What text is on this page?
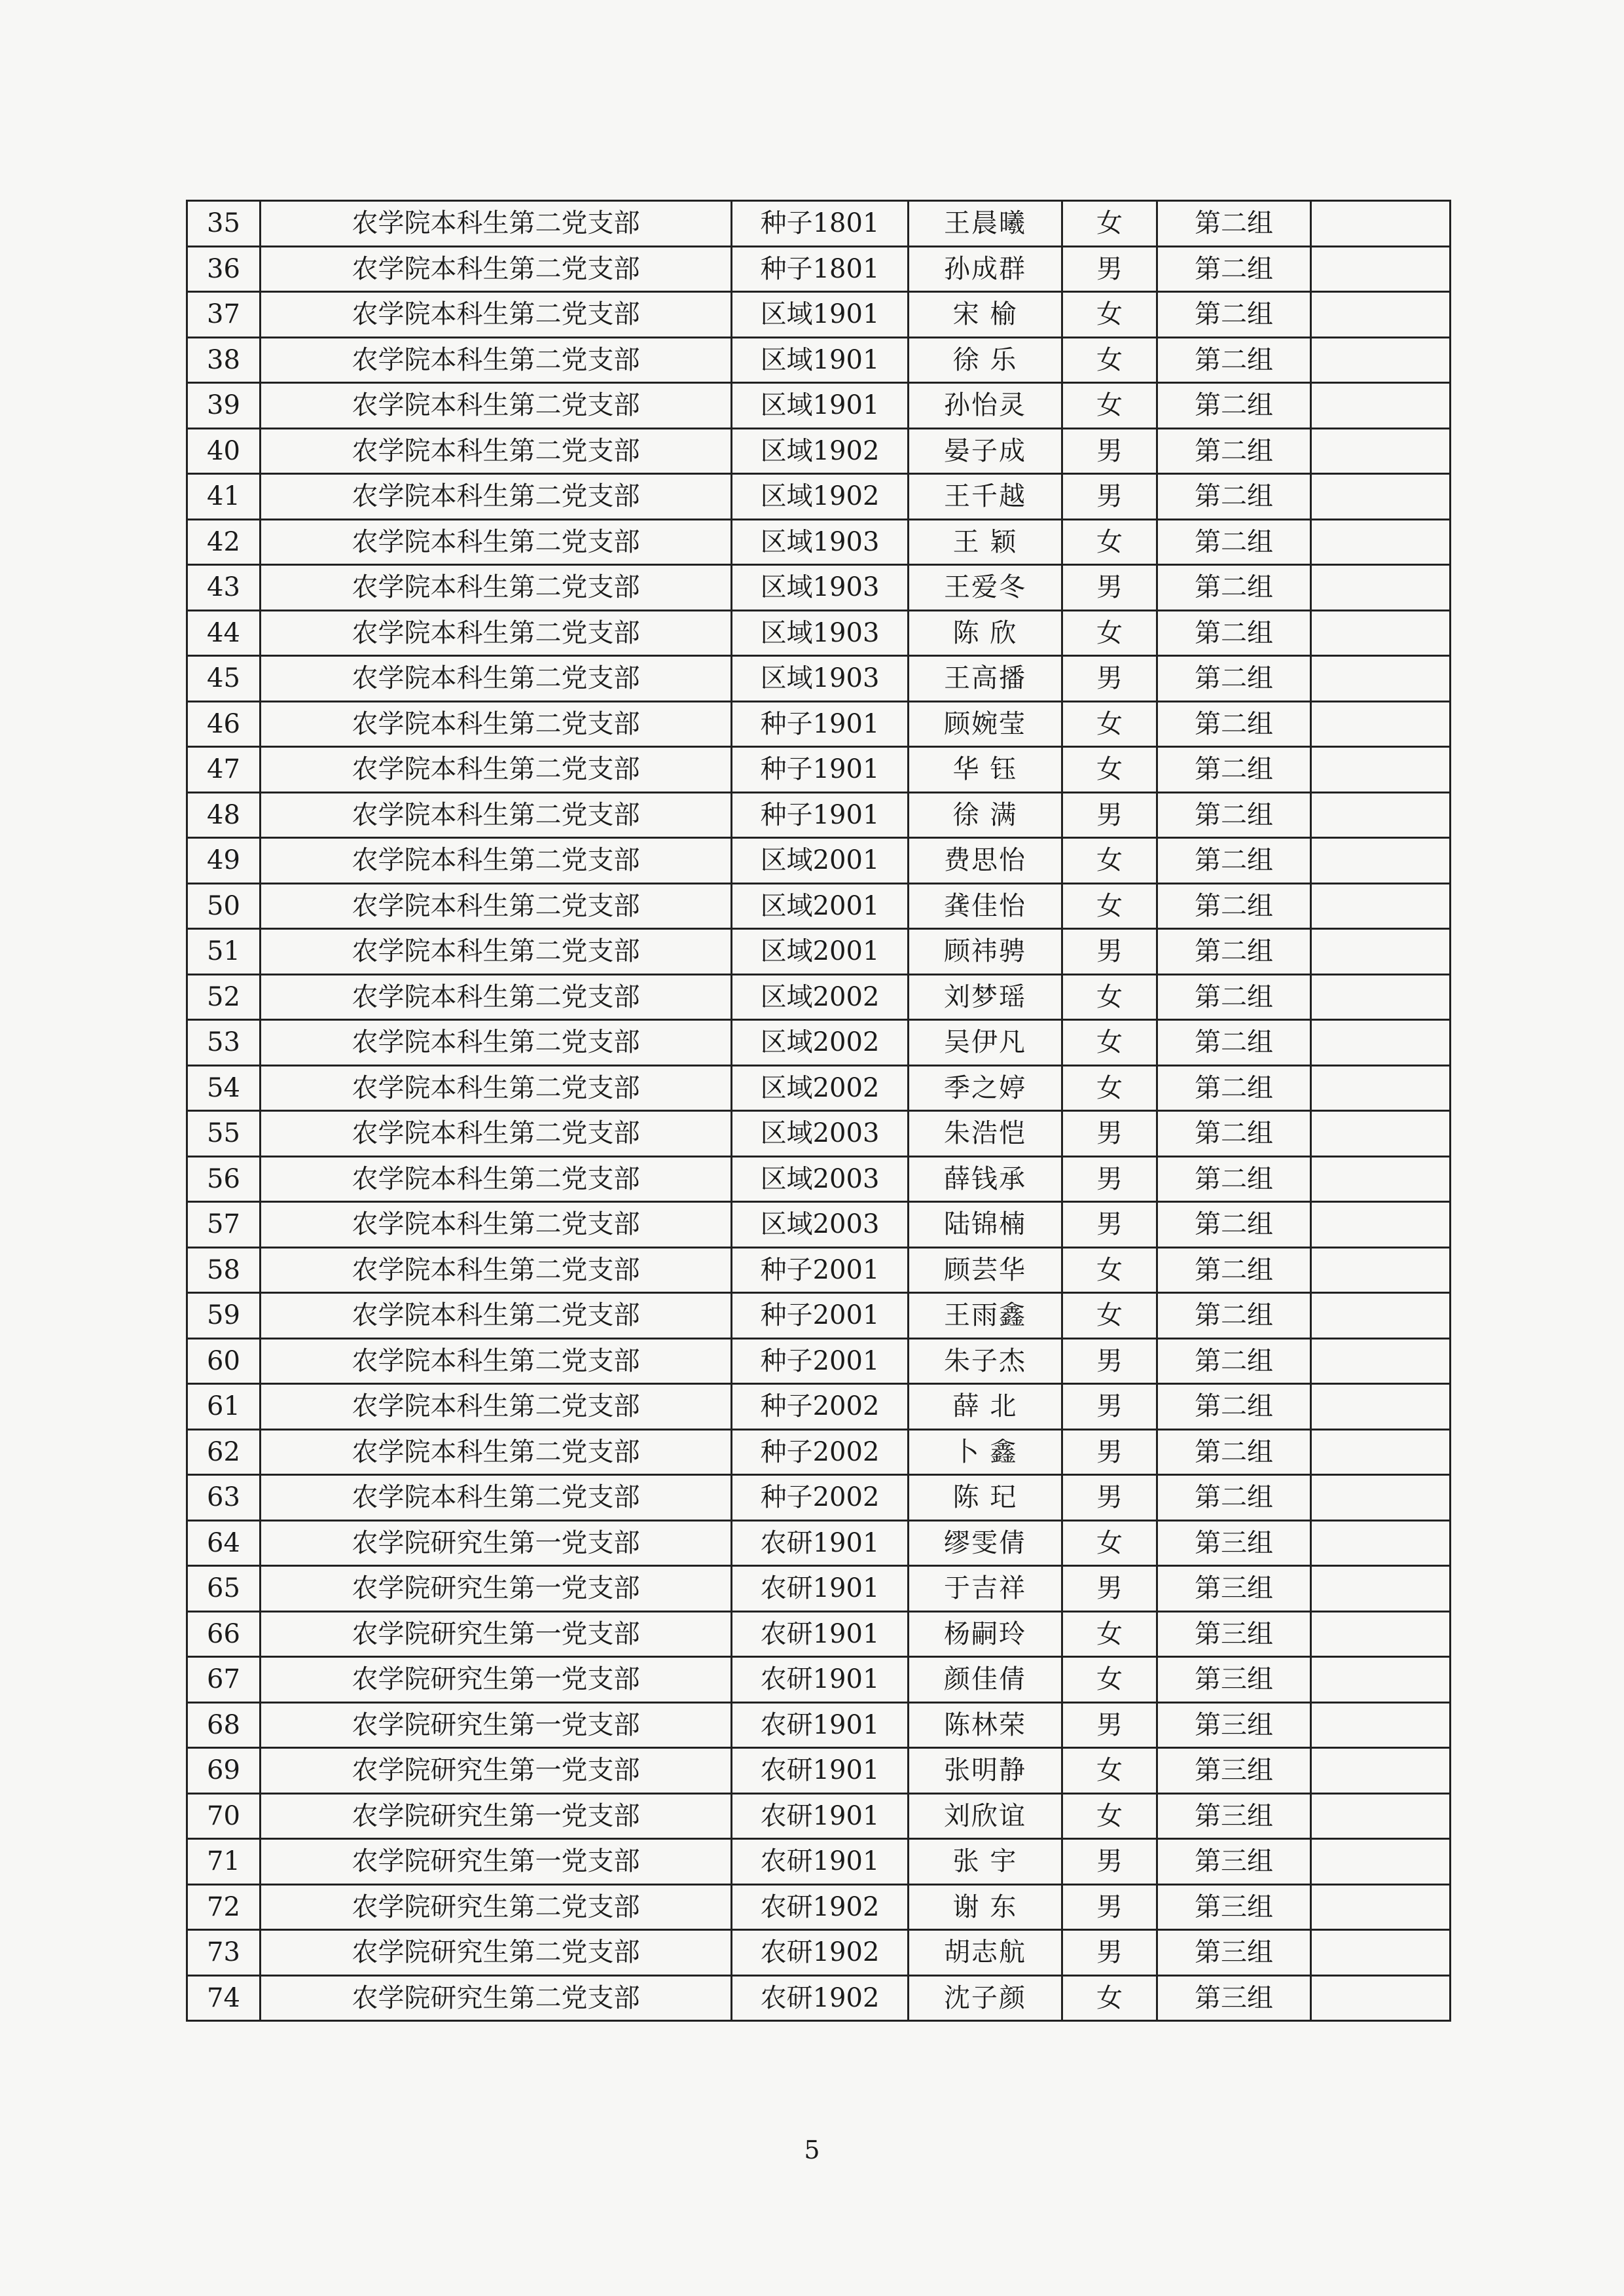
35	农学院本科生第二党支部	种子1801	王晨曦	女	第二组	
36	农学院本科生第二党支部	种子1801	孙成群	男	第二组	
37	农学院本科生第二党支部	区域1901	宋 榆	女	第二组	
38	农学院本科生第二党支部	区域1901	徐 乐	女	第二组	
39	农学院本科生第二党支部	区域1901	孙怡灵	女	第二组	
40	农学院本科生第二党支部	区域1902	晏子成	男	第二组	
41	农学院本科生第二党支部	区域1902	王千越	男	第二组	
42	农学院本科生第二党支部	区域1903	王 颖	女	第二组	
43	农学院本科生第二党支部	区域1903	王爱冬	男	第二组	
44	农学院本科生第二党支部	区域1903	陈 欣	女	第二组	
45	农学院本科生第二党支部	区域1903	王高播	男	第二组	
46	农学院本科生第二党支部	种子1901	顾婉莹	女	第二组	
47	农学院本科生第二党支部	种子1901	华 钰	女	第二组	
48	农学院本科生第二党支部	种子1901	徐 满	男	第二组	
49	农学院本科生第二党支部	区域2001	费思怡	女	第二组	
50	农学院本科生第二党支部	区域2001	龚佳怡	女	第二组	
51	农学院本科生第二党支部	区域2001	顾祎骋	男	第二组	
52	农学院本科生第二党支部	区域2002	刘梦瑶	女	第二组	
53	农学院本科生第二党支部	区域2002	吴伊凡	女	第二组	
54	农学院本科生第二党支部	区域2002	季之婷	女	第二组	
55	农学院本科生第二党支部	区域2003	朱浩恺	男	第二组	
56	农学院本科生第二党支部	区域2003	薛钱承	男	第二组	
57	农学院本科生第二党支部	区域2003	陆锦楠	男	第二组	
58	农学院本科生第二党支部	种子2001	顾芸华	女	第二组	
59	农学院本科生第二党支部	种子2001	王雨鑫	女	第二组	
60	农学院本科生第二党支部	种子2001	朱子杰	男	第二组	
61	农学院本科生第二党支部	种子2002	薛 北	男	第二组	
62	农学院本科生第二党支部	种子2002	卜 鑫	男	第二组	
63	农学院本科生第二党支部	种子2002	陈 玘	男	第二组	
64	农学院研究生第一党支部	农研1901	缪雯倩	女	第三组	
65	农学院研究生第一党支部	农研1901	于吉祥	男	第三组	
66	农学院研究生第一党支部	农研1901	杨嗣玲	女	第三组	
67	农学院研究生第一党支部	农研1901	颜佳倩	女	第三组	
68	农学院研究生第一党支部	农研1901	陈林荣	男	第三组	
69	农学院研究生第一党支部	农研1901	张明静	女	第三组	
70	农学院研究生第一党支部	农研1901	刘欣谊	女	第三组	
71	农学院研究生第一党支部	农研1901	张 宇	男	第三组	
72	农学院研究生第二党支部	农研1902	谢 东	男	第三组	
73	农学院研究生第二党支部	农研1902	胡志航	男	第三组	
74	农学院研究生第二党支部	农研1902	沈子颜	女	第三组	
5
